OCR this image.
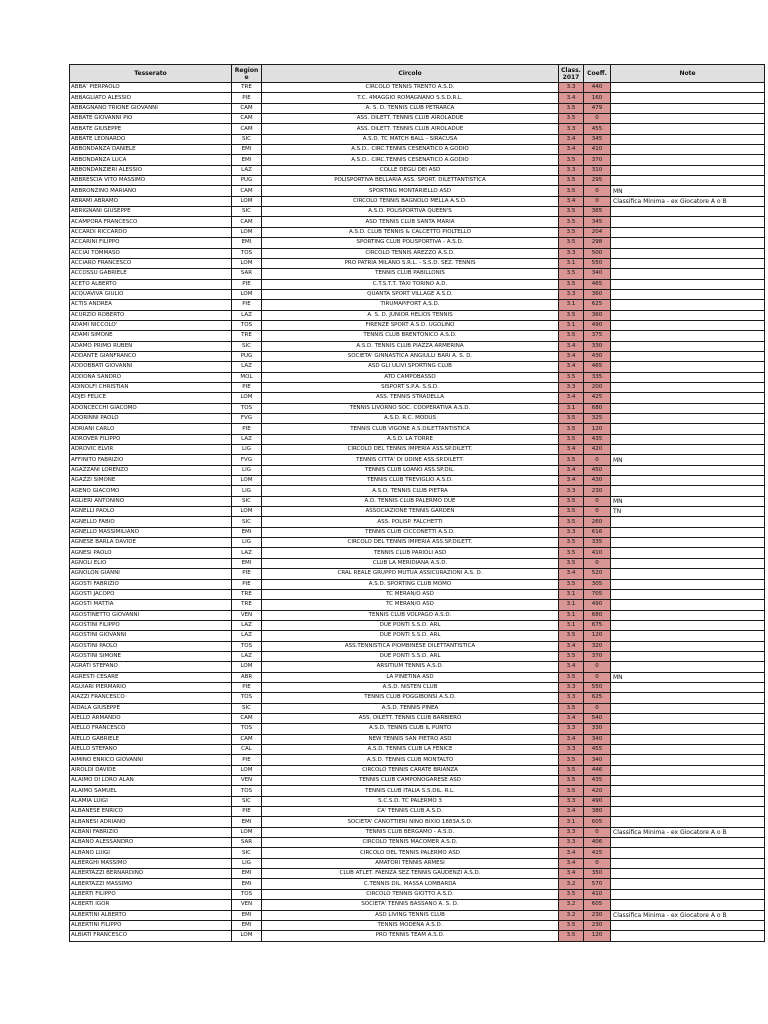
Tesserato	Region e	Circolo	Class. 2017	Coeff.	Note
ABBA' PIERPAOLO	TRE	CIRCOLO TENNIS TRENTO A.S.D.	3.3	440	
ABBAGLIATO ALESSIO	PIE	T.C. 4MAGGIO ROMAGNANO S.S.D.R.L.	3.4	160	
ABBAGNANO TRIONE GIOVANNI	CAM	A. S. D. TENNIS CLUB PETRARCA	3.5	479	
ABBATE GIOVANNI PIO	CAM	ASS. DILETT. TENNIS CLUB AIROLADUE	3.5	0	
ABBATE GIUSEPPE	CAM	ASS. DILETT. TENNIS CLUB AIROLADUE	3.3	455	
ABBATE LEONARDO	SIC	A.S.D. TC MATCH BALL - SIRACUSA	3.4	345	
ABBONDANZA DANIELE	EMI	A.S.D.. CIRC.TENNIS CESENATICO A.GODIO	3.4	410	
ABBONDANZA LUCA	EMI	A.S.D.. CIRC.TENNIS CESENATICO A.GODIO	3.5	370	
ABBONDANZIERI ALESSIO	LAZ	COLLE DEGLI DEI ASD	3.3	310	
ABBRESCIA VITO MASSIMO	PUG	POLISPORTIVA BELLARIA ASS. SPORT. DILETTANTISTICA	3.5	295	
ABBRONZINO MARIANO	CAM	SPORTING MONTARIELLO ASD	3.5	0	MN
ABRAMI ABRAMO	LOM	CIRCOLO TENNIS BAGNOLO MELLA A.S.D.	3.4	0	Classifica Minima - ex Giocatore A o B
ABRIGNANI GIUSEPPE	SIC	A.S.D. POLISPORTIVA QUEEN'S	3.5	365	
ACAMPORA FRANCESCO	CAM	ASD TENNIS CLUB SANTA MARIA	3.5	345	
ACCARDI RICCARDO	LOM	A.S.D. CLUB TENNIS & CALCETTO PIOLTELLO	3.5	204	
ACCARINI FILIPPO	EMI	SPORTING CLUB POLISPORTIVA - A.S.D.	3.5	298	
ACCIAI TOMMASO	TOS	CIRCOLO TENNIS AREZZO A.S.D.	3.3	500	
ACCIARO FRANCESCO	LOM	PRO PATRIA MILANO S.R.L. - S.S.D. SEZ. TENNIS	3.1	550	
ACCOSSU GABRIELE	SAR	TENNIS CLUB PABILLONIS	3.5	340	
ACETO ALBERTO	PIE	C.T.S.T.T. TAXI TORINO A.D.	3.5	465	
ACQUAVIVA GIULIO	LOM	QUANTA SPORT VILLAGE A.S.D.	3.3	360	
ACTIS ANDREA	PIE	TIRUMAPIFORT A.S.D.	3.1	625	
ACURZIO ROBERTO	LAZ	A. S. D. JUNIOR HELIOS TENNIS	3.5	360	
ADAMI NICCOLO'	TOS	FIRENZE SPORT A.S.D. UGOLINO	3.1	490	
ADAMI SIMONE	TRE	TENNIS CLUB BRENTONICO A.S.D.	3.5	375	
ADAMO PRIMO RUBEN	SIC	A.S.D. TENNIS CLUB PIAZZA ARMERINA	3.4	330	
ADDANTE GIANFRANCO	PUG	SOCIETA' GINNASTICA ANGIULLI BARI A. S. D.	3.4	430	
ADDOBBATI GIOVANNI	LAZ	ASD GLI ULIVI SPORTING CLUB	3.4	465	
ADDONA SANDRO	MOL	ATD CAMPOBASSO	3.5	335	
ADINOLFI CHRISTIAN	PIE	SISPORT S.P.A. S.S.D.	3.3	200	
ADJEI FELICE	LOM	ASS. TENNIS STRADELLA	3.4	425	
ADONCECCHI GIACOMO	TOS	TENNIS LIVORNO SOC. COOPERATIVA A.S.D.	3.1	680	
ADORINNI PAOLO	FVG	A.S.D. R.C. MODUS	3.5	325	
ADRIANI CARLO	PIE	TENNIS CLUB VIGONE A.S.DILETTANTISTICA	3.5	120	
ADROVER FILIPPO	LAZ	A.S.D. LA TORRE	3.5	435	
ADROVIC ELVIR	LIG	CIRCOLO DEL TENNIS IMPERIA ASS.SP.DILETT.	3.4	420	
AFFINITO FABRIZIO	FVG	TENNIS CITTA' DI UDINE ASS.SP.DILETT.	3.5	0	MN
AGAZZANI LORENZO	LIG	TENNIS CLUB LOANO ASS.SP.DIL.	3.4	450	
AGAZZI SIMONE	LOM	TENNIS CLUB TREVIGLIO A.S.D.	3.4	430	
AGENO GIACOMO	LIG	A.S.D. TENNIS CLUB PIETRA	3.3	230	
AGLIERI ANTONINO	SIC	A.D. TENNIS CLUB PALERMO DUE	3.5	0	MN
AGNELLI PAOLO	LOM	ASSOCIAZIONE TENNIS GARDEN	3.5	0	TN
AGNELLO FABIO	SIC	ASS. POLISP. FALCHETTI	3.5	260	
AGNELLO MASSIMILIANO	EMI	TENNIS CLUB CICCONETTI A.S.D.	3.3	616	
AGNESE BARLA DAVIDE	LIG	CIRCOLO DEL TENNIS IMPERIA ASS.SP.DILETT.	3.5	335	
AGNESI PAOLO	LAZ	TENNIS CLUB PARIOLI ASD	3.5	410	
AGNOLI ELIO	EMI	CLUB LA MERIDIANA A.S.D.	3.5	0	
AGNOLON GIANNI	PIE	CRAL REALE GRUPPO MUTUA ASSICURAZIONI A.S. D.	3.4	520	
AGOSTI FABRIZIO	PIE	A.S.D. SPORTING CLUB MOMO	3.5	305	
AGOSTI JACOPO	TRE	TC MERAN/O ASD	3.1	705	
AGOSTI MATTIA	TRE	TC MERAN/O ASD	3.1	490	
AGOSTINETTO GIOVANNI	VEN	TENNIS CLUB VOLPAGO A.S.D.	3.1	680	
AGOSTINI FILIPPO	LAZ	DUE PONTI S.S.D. ARL	3.1	675	
AGOSTINI GIOVANNI	LAZ	DUE PONTI S.S.D. ARL	3.5	120	
AGOSTINI PAOLO	TOS	ASS.TENNISTICA PIOMBINESE DILETTANTISTICA	3.4	320	
AGOSTINI SIMONE	LAZ	DUE PONTI S.S.D. ARL	3.5	370	
AGRATI STEFANO	LOM	ARSITIUM TENNIS A.S.D.	3.4	0	
AGRESTI CESARE	ABR	LA PINETINA ASD	3.5	0	MN
AGUIARI PIERMARIO	PIE	A.S.D. NISTEN CLUB	3.3	550	
AIAZZI FRANCESCO	TOS	TENNIS CLUB POGGIBONSI A.S.D.	3.3	625	
AIDALA GIUSEPPE	SIC	A.S.D. TENNIS PINEA	3.5	0	
AIELLO ARMANDO	CAM	ASS. DILETT. TENNIS CLUB BARBIERO	3.4	540	
AIELLO FRANCESCO	TOS	A.S.D. TENNIS CLUB IL PUNTO	3.3	330	
AIELLO GABRIELE	CAM	NEW TENNIS SAN PIETRO ASD	3.4	340	
AIELLO STEFANO	CAL	A.S.D. TENNIS CLUB LA FENICE	3.3	455	
AIMINO ENRICO GIOVANNI	PIE	A.S.D. TENNIS CLUB MONTALTO	3.5	340	
AIROLDI DAVIDE	LOM	CIRCOLO TENNIS CARATE BRIANZA	3.5	446	
ALAIMO DI LORO ALAN	VEN	TENNIS CLUB CAMPONOGARESE ASD	3.5	435	
ALAIMO SAMUEL	TOS	TENNIS CLUB ITALIA S.S.DIL. R.L.	3.5	420	
ALAMIA LUIGI	SIC	S.C.S.D. TC PALERMO 3	3.3	490	
ALBANESE ENRICO	PIE	CA' TENNIS CLUB A.S.D.	3.4	380	
ALBANESI ADRIANO	EMI	SOCIETA' CANOTTIERI NINO BIXIO 1883A.S.D.	3.1	605	
ALBANI FABRIZIO	LOM	TENNIS CLUB BERGAMO - A.S.D.	3.3	0	Classifica Minima - ex Giocatore A o B
ALBANO ALESSANDRO	SAR	CIRCOLO TENNIS MACOMER A.S.D.	3.3	406	
ALBANO LUIGI	SIC	CIRCOLO DEL TENNIS PALERMO ASD	3.4	415	
ALBERGHI MASSIMO	LIG	AMATORI TENNIS ARMESI	3.4	0	
ALBERTAZZI BERNARDINO	EMI	CLUB ATLET. FAENZA SEZ.TENNIS GAUDENZI A.S.D.	3.4	350	
ALBERTAZZI MASSIMO	EMI	C.TENNIS DIL. MASSA LOMBARDA	3.2	570	
ALBERTI FILIPPO	TOS	CIRCOLO TENNIS GIOTTO A.S.D.	3.5	410	
ALBERTI IGOR	VEN	SOCIETA' TENNIS BASSANO A. S. D.	3.2	605	
ALBERTINI ALBERTO	EMI	ASD LIVING TENNIS CLUB	3.2	230	Classifica Minima - ex Giocatore A o B
ALBERTINI FILIPPO	EMI	TENNIS MODENA A.S.D.	3.5	230	
ALBIATI FRANCESCO	LOM	PRO TENNIS TEAM A.S.D.	3.5	120	
